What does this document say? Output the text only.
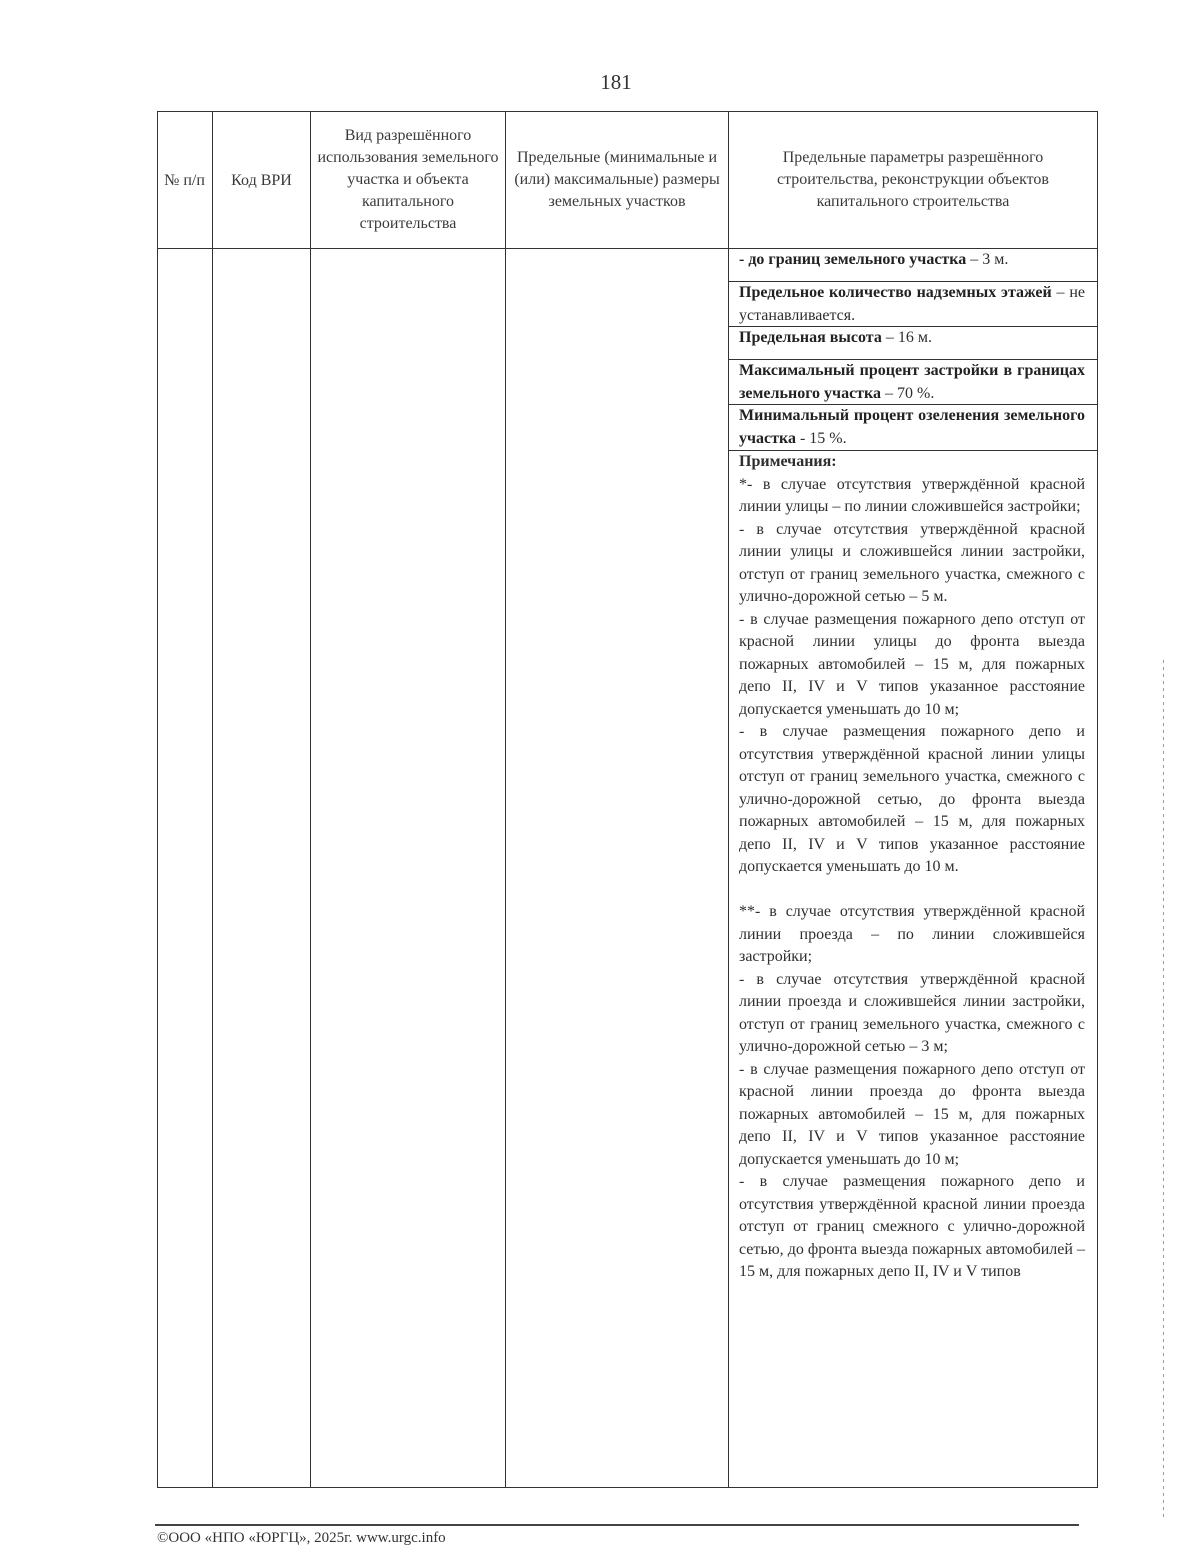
181
№ п/п	Код ВРИ
Вид разрешённого использования земельного участка и объекта капитального строительства
Предельные (минимальные и (или) максимальные) размеры земельных участков
Предельные параметры разрешённого строительства, реконструкции объектов капитального строительства
- до границ земельного участка – 3 м.
Предельное количество надземных этажей – не устанавливается.
Предельная высота – 16 м.
Максимальный процент застройки в границах земельного участка – 70 %.
Минимальный процент озеленения земельного участка - 15 %.

Примечания:

*- в случае отсутствия утверждённой красной линии улицы – по линии сложившейся застройки;

- в случае отсутствия утверждённой красной линии улицы и сложившейся линии застройки, отступ от границ земельного участка, смежного с улично-дорожной сетью – 5 м.

- в случае размещения пожарного депо отступ от красной линии улицы до фронта выезда пожарных автомобилей – 15 м, для пожарных депо II, IV и V типов указанное расстояние допускается уменьшать до 10 м;

- в случае размещения пожарного депо и отсутствия утверждённой красной линии улицы отступ от границ земельного участка, смежного с улично-дорожной сетью, до фронта выезда пожарных автомобилей – 15 м, для пожарных депо II, IV и V типов указанное расстояние допускается уменьшать до 10 м.

**- в случае отсутствия утверждённой красной линии проезда – по линии сложившейся застройки;

- в случае отсутствия утверждённой красной линии проезда и сложившейся линии застройки, отступ от границ земельного участка, смежного с улично-дорожной сетью – 3 м;

- в случае размещения пожарного депо отступ от красной линии проезда до фронта выезда пожарных автомобилей – 15 м, для пожарных депо II, IV и V типов указанное расстояние допускается уменьшать до 10 м;

- в случае размещения пожарного депо и отсутствия утверждённой красной линии проезда отступ от границ смежного с улично-дорожной сетью, до фронта выезда пожарных автомобилей – 15 м, для пожарных депо II, IV и V типов

©ООО «НПО «ЮРГЦ», 2025г. www.urgc.info
